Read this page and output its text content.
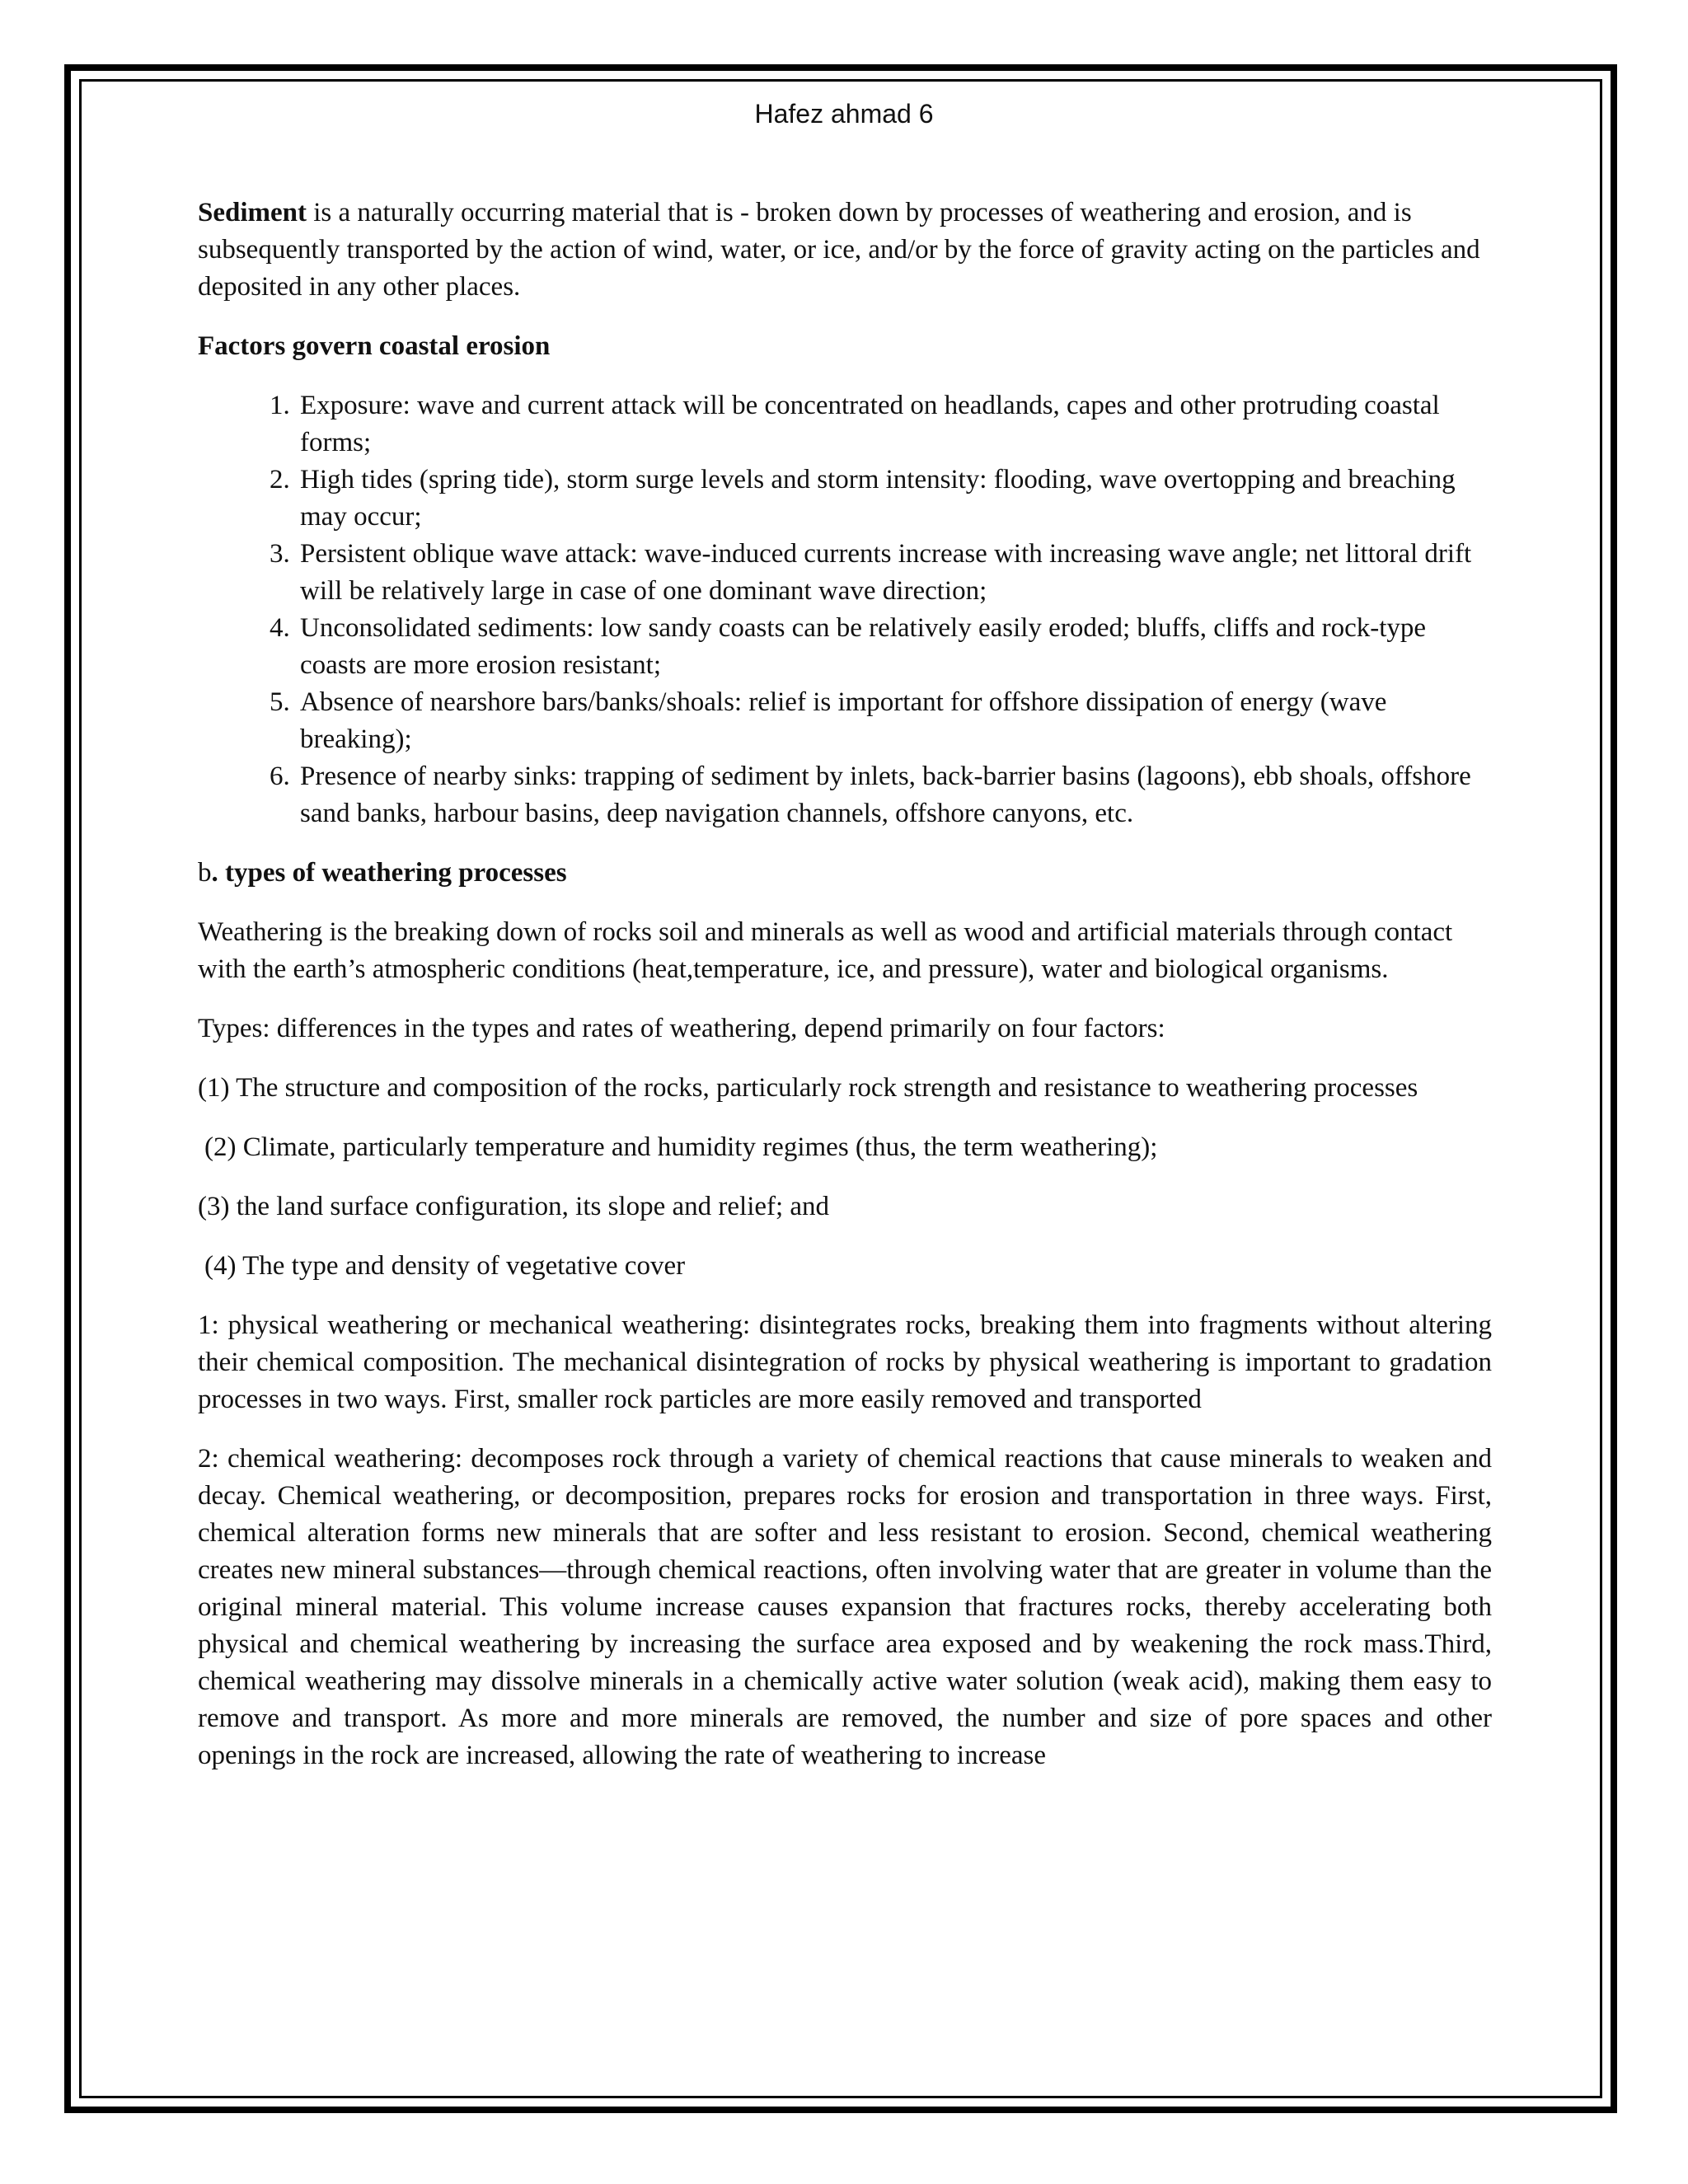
Hafez ahmad 6

Sediment is a naturally occurring material that is - broken down by processes of weathering and erosion, and is subsequently transported by the action of wind, water, or ice, and/or by the force of gravity acting on the particles and deposited in any other places.

Factors govern coastal erosion
1. Exposure: wave and current attack will be concentrated on headlands, capes and other protruding coastal forms;
2. High tides (spring tide), storm surge levels and storm intensity: flooding, wave overtopping and breaching may occur;
3. Persistent oblique wave attack: wave-induced currents increase with increasing wave angle; net littoral drift will be relatively large in case of one dominant wave direction;
4. Unconsolidated sediments: low sandy coasts can be relatively easily eroded; bluffs, cliffs and rock-type coasts are more erosion resistant;
5. Absence of nearshore bars/banks/shoals: relief is important for offshore dissipation of energy (wave breaking);
6. Presence of nearby sinks: trapping of sediment by inlets, back-barrier basins (lagoons), ebb shoals, offshore sand banks, harbour basins, deep navigation channels, offshore canyons, etc.

b. types of weathering processes

Weathering is the breaking down of rocks soil and minerals as well as wood and artificial materials through contact with the earth’s atmospheric conditions (heat,temperature, ice, and pressure), water and biological organisms.

Types: differences in the types and rates of weathering, depend primarily on four factors:

(1) The structure and composition of the rocks, particularly rock strength and resistance to weathering processes

(2) Climate, particularly temperature and humidity regimes (thus, the term weathering);

(3) the land surface configuration, its slope and relief; and

(4) The type and density of vegetative cover

1: physical weathering or mechanical weathering: disintegrates rocks, breaking them into fragments without altering their chemical composition. The mechanical disintegration of rocks by physical weathering is important to gradation processes in two ways. First, smaller rock particles are more easily removed and transported

2: chemical weathering: decomposes rock through a variety of chemical reactions that cause minerals to weaken and decay. Chemical weathering, or decomposition, prepares rocks for erosion and transportation in three ways. First, chemical alteration forms new minerals that are softer and less resistant to erosion. Second, chemical weathering creates new mineral substances—through chemical reactions, often involving water that are greater in volume than the original mineral material. This volume increase causes expansion that fractures rocks, thereby accelerating both physical and chemical weathering by increasing the surface area exposed and by weakening the rock mass.Third, chemical weathering may dissolve minerals in a chemically active water solution (weak acid), making them easy to remove and transport. As more and more minerals are removed, the number and size of pore spaces and other openings in the rock are increased, allowing the rate of weathering to increase
